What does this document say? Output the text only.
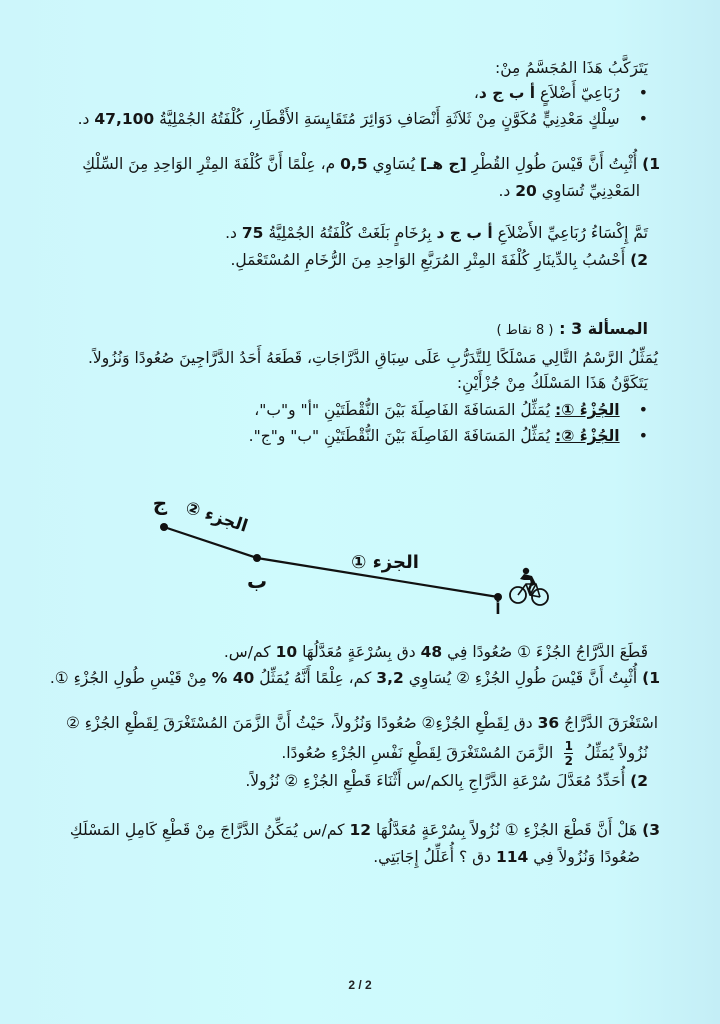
يَتَرَكَّبُ هَذَا المُجَسَّمُ مِنْ:
• رُبَاعِيّ أَضْلاَعٍ أ ب ج د،
• سِلْكٍ مَعْدِنِيٍّ مُكَوَّنٍ مِنْ ثَلاَثَةِ أَنْصَافِ دَوَائِرَ مُتَقَايِسَةِ الأَقْطَارِ، كُلْفَتُهُ الجُمْلِيَّةُ 47,100 د.
1) أُثْبِتُ أَنَّ قَيْسَ طُولِ القُطْرِ [ج هـ] يُسَاوِي 0,5 م، عِلْمًا أَنَّ كُلْفَةَ المِتْرِ الوَاحِدِ مِنَ السِّلْكِ
المَعْدِنِيِّ تُسَاوِي 20 د.
تَمَّ إِكْسَاءُ رُبَاعِيِّ الأَضْلاَعِ أ ب ج د بِرُخَامٍ بَلَغَتْ كُلْفَتُهُ الجُمْلِيَّةُ 75 د.
2) أَحْسُبُ بِالدِّينَارِ كُلْفَةَ المِتْرِ المُرَبَّعِ الوَاحِدِ مِنَ الرُّخَامِ المُسْتَعْمَلِ.
المسألة 3 : ( 8 نقاط )
يُمَثِّلُ الرَّسْمُ التَّالِي مَسْلَكًا لِلتَّدَرُّبِ عَلَى سِبَاقِ الدَّرَّاجَاتِ، قَطَعَهُ أَحَدُ الدَّرَّاجِينَ صُعُودًا وَنُزُولاً.
يَتَكَوَّنُ هَذَا المَسْلَكُ مِنْ جُزْأَيْنِ:
• الجُزْءُ ①: يُمَثِّلُ المَسَافَةَ الفَاصِلَةَ بَيْنَ النُّقْطَتَيْنِ "أ" و"ب"،
• الجُزْءُ ②: يُمَثِّلُ المَسَافَةَ الفَاصِلَةَ بَيْنَ النُّقْطَتَيْنِ "ب" و"ج".
ج
ب
أ
الجزء ①
الجزء ②
قَطَعَ الدَّرَّاجُ الجُزْءَ ① صُعُودًا فِي 48 دق بِسُرْعَةٍ مُعَدَّلُهَا 10 كم/س.
1) أُثْبِتُ أَنَّ قَيْسَ طُولِ الجُزْءِ ② يُسَاوِي 3,2 كم، عِلْمًا أَنَّهُ يُمَثِّلُ 40 % مِنْ قَيْسِ طُولِ الجُزْءِ ①.
اسْتَغْرَقَ الدَّرَّاجُ 36 دق لِقَطْعِ الجُزْءِ② صُعُودًا وَنُزُولاً، حَيْثُ أَنَّ الزَّمَنَ المُسْتَغْرَقَ لِقَطْعِ الجُزْءِ ②
نُزُولاً يُمَثِّلُ
$\frac{1}{2}$
الزَّمَنَ المُسْتَغْرَقَ لِقَطْعِ نَفْسِ الجُزْءِ صُعُودًا.
2) أُحَدِّدُ مُعَدَّلَ سُرْعَةِ الدَّرَّاجِ بِالكم/س أَثْنَاءَ قَطْعِ الجُزْءِ ② نُزُولاً.
3) هَلْ أَنَّ قَطْعَ الجُزْءِ ① نُزُولاً بِسُرْعَةٍ مُعَدَّلُهَا 12 كم/س يُمَكِّنُ الدَّرَّاجَ مِنْ قَطْعِ كَامِلِ المَسْلَكِ
صُعُودًا وَنُزُولاً فِي 114 دق ؟ أُعَلِّلُ إِجَابَتِي.
2 / 2
